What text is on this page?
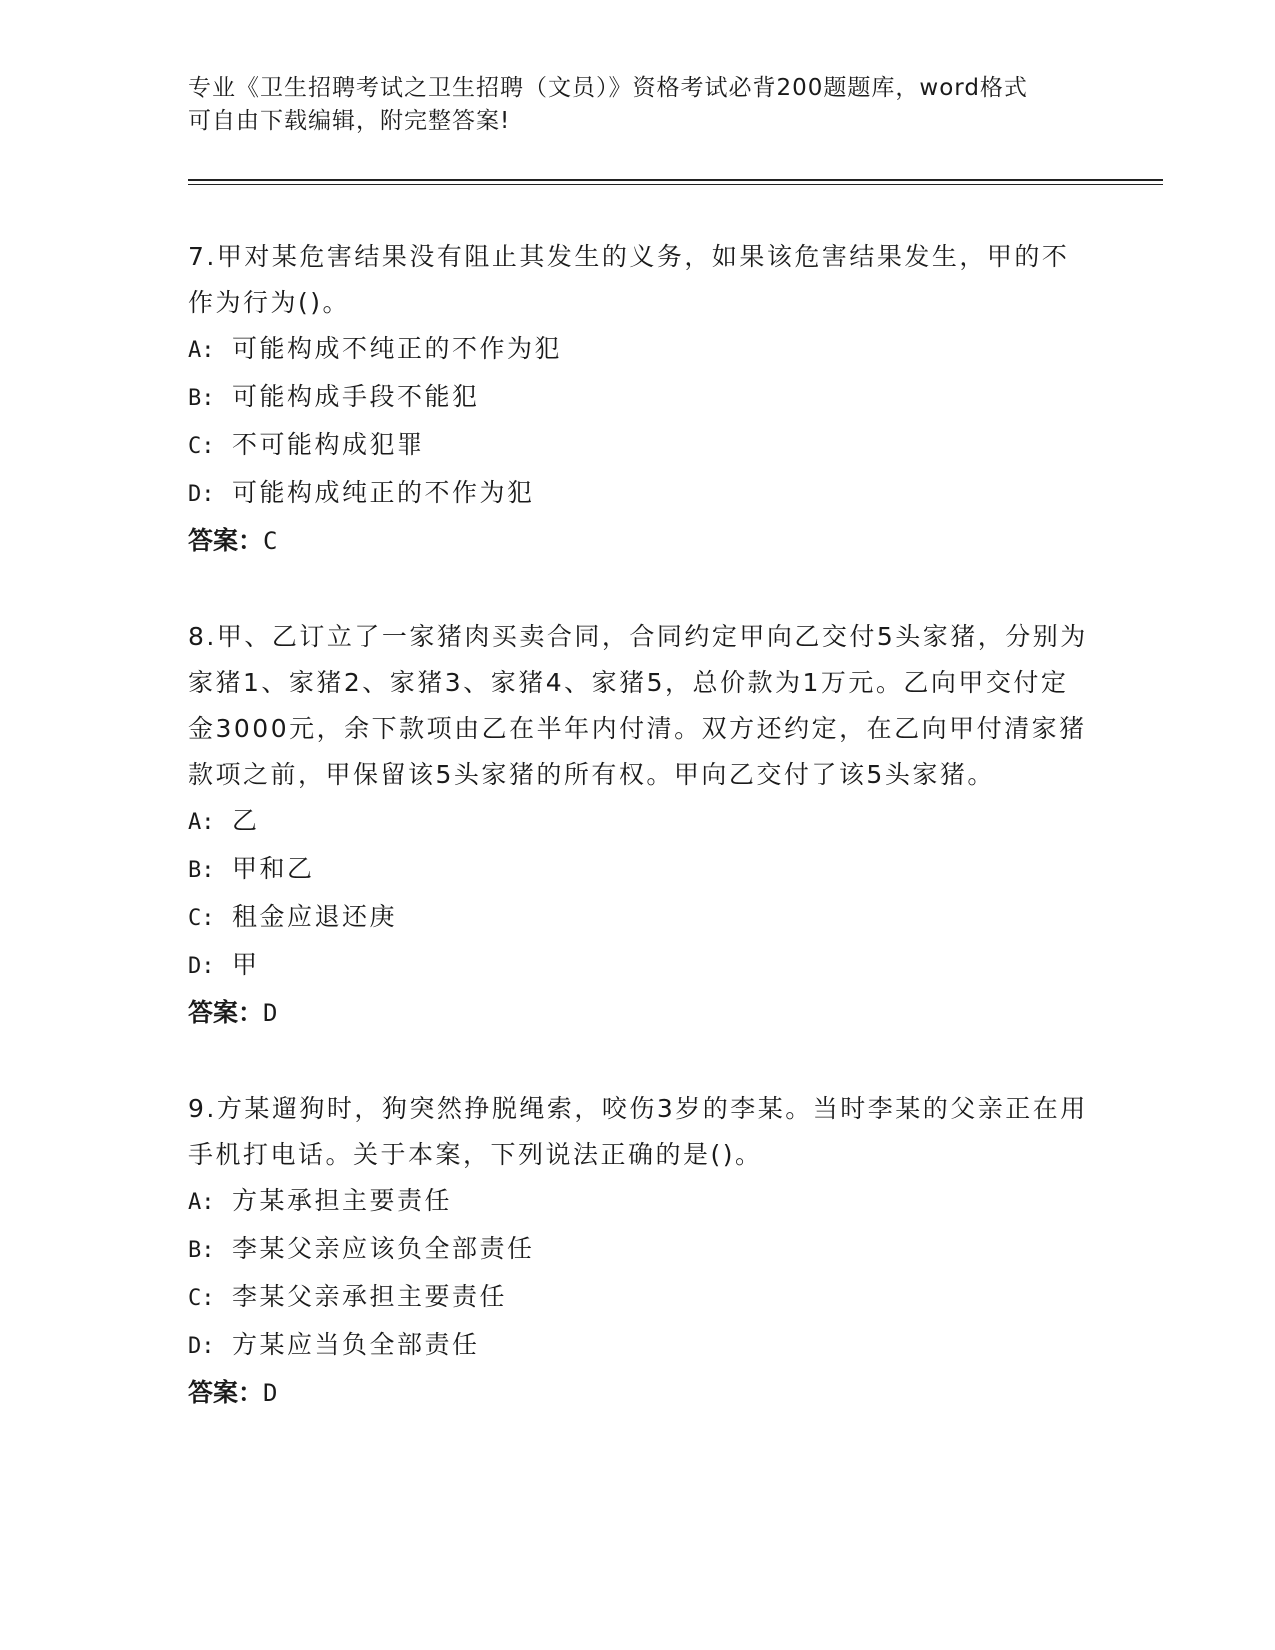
专业《卫生招聘考试之卫生招聘（文员）》资格考试必背200题题库，word格式
可自由下载编辑，附完整答案!

7.甲对某危害结果没有阻止其发生的义务，如果该危害结果发生，甲的不作为行为()。

A: 可能构成不纯正的不作为犯

B: 可能构成手段不能犯

C: 不可能构成犯罪

D: 可能构成纯正的不作为犯

答案：C

8.甲、乙订立了一家猪肉买卖合同，合同约定甲向乙交付5头家猪，分别为家猪1、家猪2、家猪3、家猪4、家猪5，总价款为1万元。乙向甲交付定金3000元，余下款项由乙在半年内付清。双方还约定，在乙向甲付清家猪款项之前，甲保留该5头家猪的所有权。甲向乙交付了该5头家猪。

A: 乙

B: 甲和乙

C: 租金应退还庚

D: 甲

答案：D

9.方某遛狗时，狗突然挣脱绳索，咬伤3岁的李某。当时李某的父亲正在用手机打电话。关于本案，下列说法正确的是()。

A: 方某承担主要责任

B: 李某父亲应该负全部责任

C: 李某父亲承担主要责任

D: 方某应当负全部责任

答案：D
